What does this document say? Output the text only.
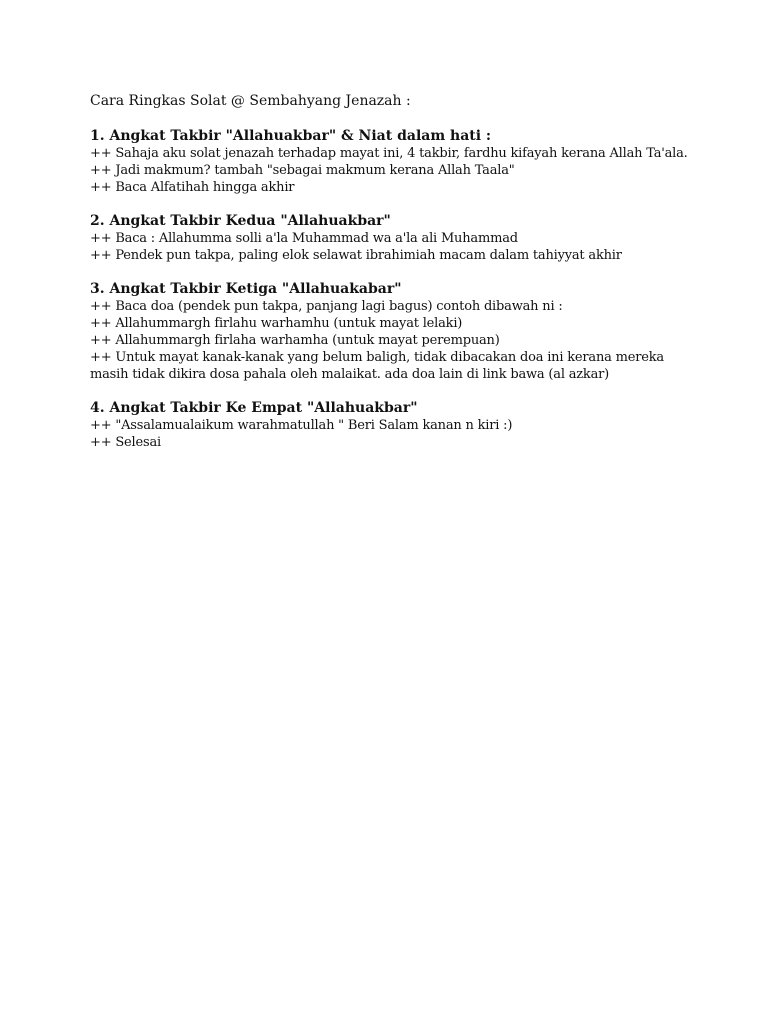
Cara Ringkas Solat @ Sembahyang Jenazah :

1. Angkat Takbir "Allahuakbar" & Niat dalam hati :

++ Sahaja aku solat jenazah terhadap mayat ini, 4 takbir, fardhu kifayah kerana Allah Ta'ala.

++ Jadi makmum? tambah "sebagai makmum kerana Allah Taala"

++ Baca Alfatihah hingga akhir

2. Angkat Takbir Kedua "Allahuakbar"

++ Baca : Allahumma solli a'la Muhammad wa a'la ali Muhammad

++ Pendek pun takpa, paling elok selawat ibrahimiah macam dalam tahiyyat akhir

3. Angkat Takbir Ketiga "Allahuakabar"

++ Baca doa (pendek pun takpa, panjang lagi bagus) contoh dibawah ni :

++ Allahummargh firlahu warhamhu (untuk mayat lelaki)

++ Allahummargh firlaha warhamha (untuk mayat perempuan)

++ Untuk mayat kanak-kanak yang belum baligh, tidak dibacakan doa ini kerana mereka masih tidak dikira dosa pahala oleh malaikat. ada doa lain di link bawa (al azkar)

4. Angkat Takbir Ke Empat "Allahuakbar"

++ "Assalamualaikum warahmatullah " Beri Salam kanan n kiri :)

++ Selesai
